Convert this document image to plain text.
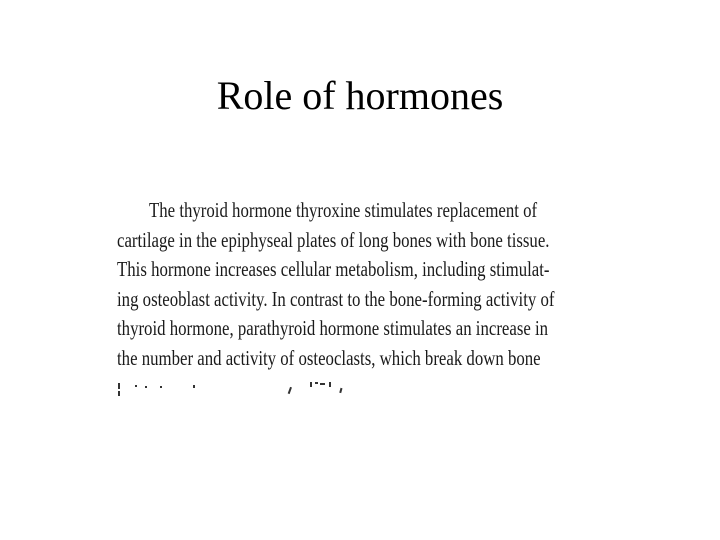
Role of hormones
The thyroid hormone thyroxine stimulates replacement of
cartilage in the epiphyseal plates of long bones with bone tissue.
This hormone increases cellular metabolism, including stimulat-
ing osteoblast activity. In contrast to the bone-forming activity of
thyroid hormone, parathyroid hormone stimulates an increase in
the number and activity of osteoclasts, which break down bone
